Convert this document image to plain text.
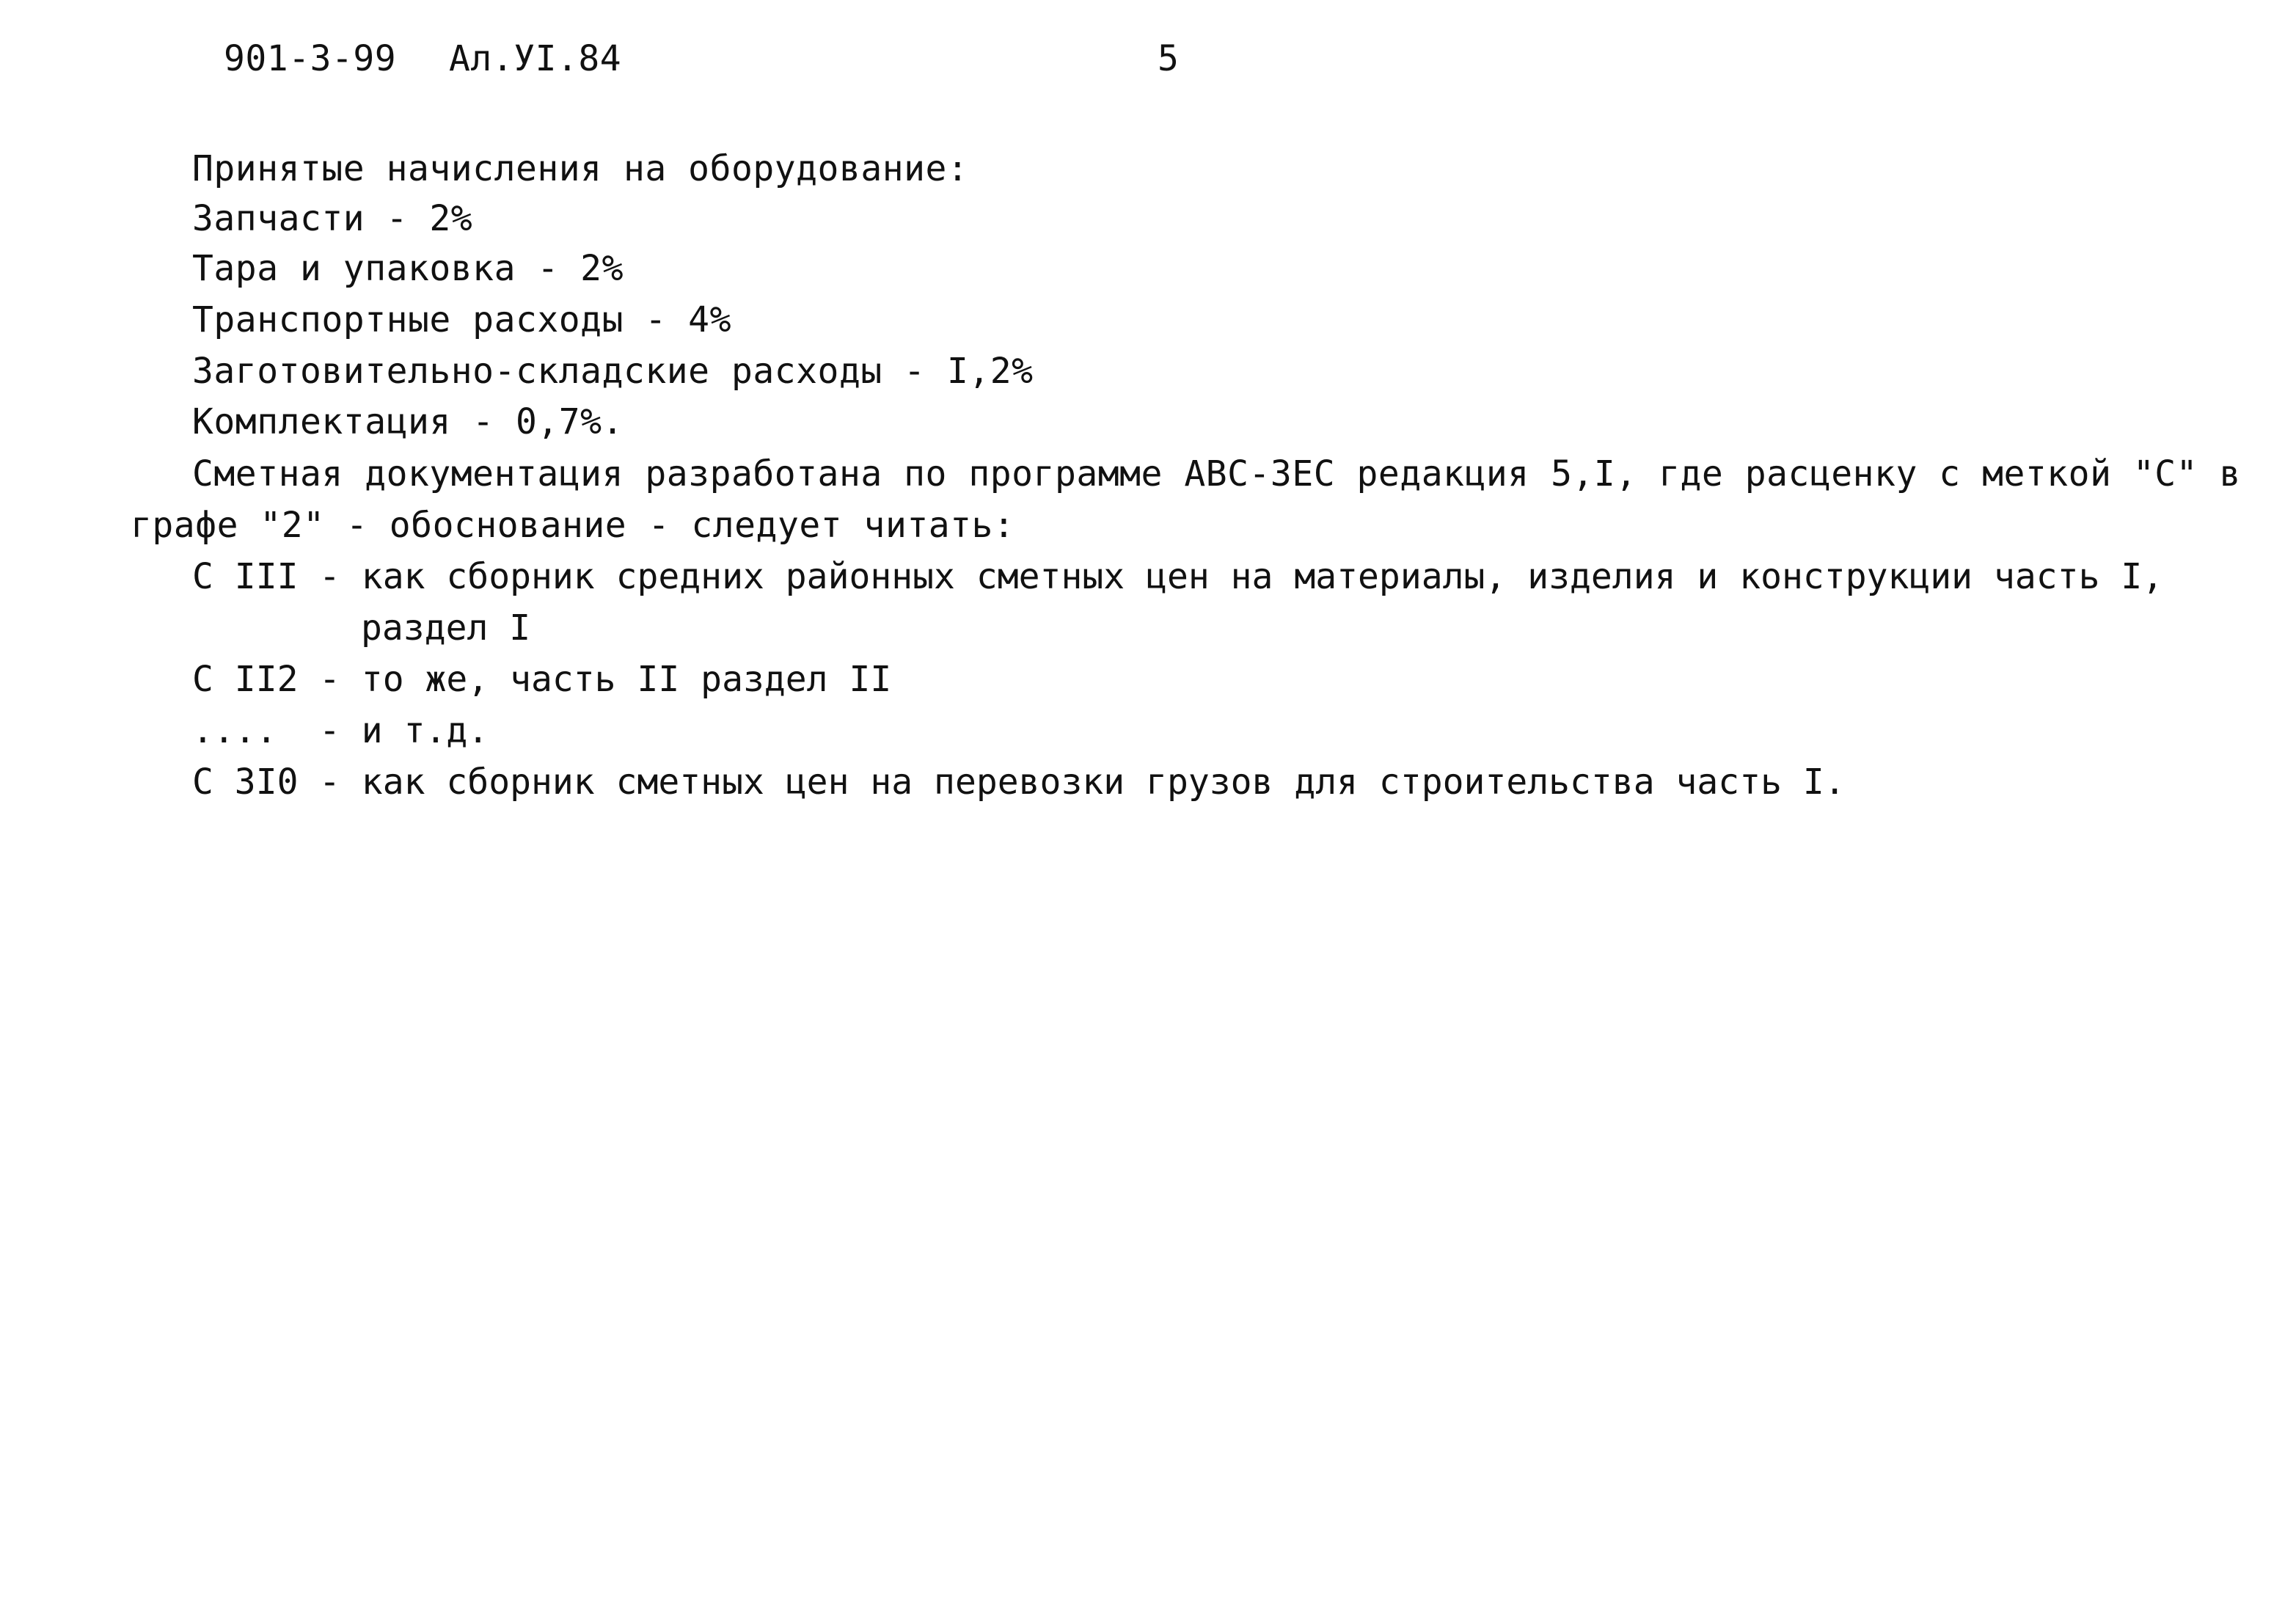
901-3-99 Ал.УI.84	5
Принятые начисления на оборудование:
Запчасти - 2%
Тара и упаковка - 2%
Транспортные расходы - 4%
Заготовительно-складские расходы - I,2%
Комплектация - 0,7%.
Сметная документация разработана по программе АВС-ЗЕС редакция 5,I, где расценку с меткой "С" в
графе "2" - обоснование - следует читать:
С III - как сборник средних районных сметных цен на материалы, изделия и конструкции часть I,
раздел I
С II2 - то же, часть II раздел II
.... - и т.д.
С 3I0 - как сборник сметных цен на перевозки грузов для строительства часть I.
